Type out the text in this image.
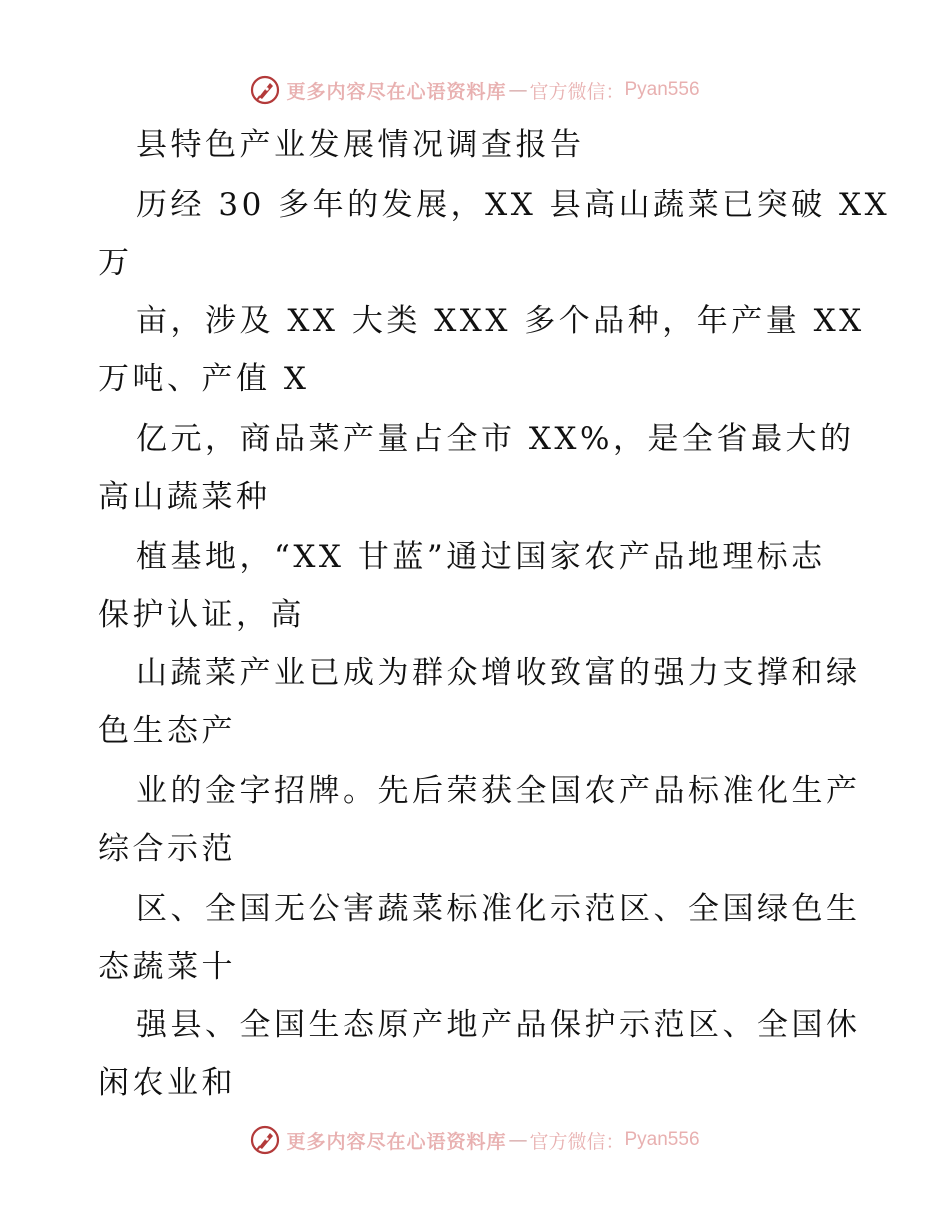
更多内容尽在心语资料库 — 官方微信： Pyan556
县特色产业发展情况调查报告
历经 30 多年的发展，XX 县高山蔬菜已突破 XX
万
亩，涉及 XX 大类 XXX 多个品种，年产量 XX
万吨、产值 X
亿元，商品菜产量占全市 XX%，是全省最大的
高山蔬菜种
植基地，“XX 甘蓝”通过国家农产品地理标志
保护认证，高
山蔬菜产业已成为群众增收致富的强力支撑和绿
色生态产
业的金字招牌。先后荣获全国农产品标准化生产
综合示范
区、全国无公害蔬菜标准化示范区、全国绿色生
态蔬菜十
强县、全国生态原产地产品保护示范区、全国休
闲农业和
更多内容尽在心语资料库 — 官方微信： Pyan556
